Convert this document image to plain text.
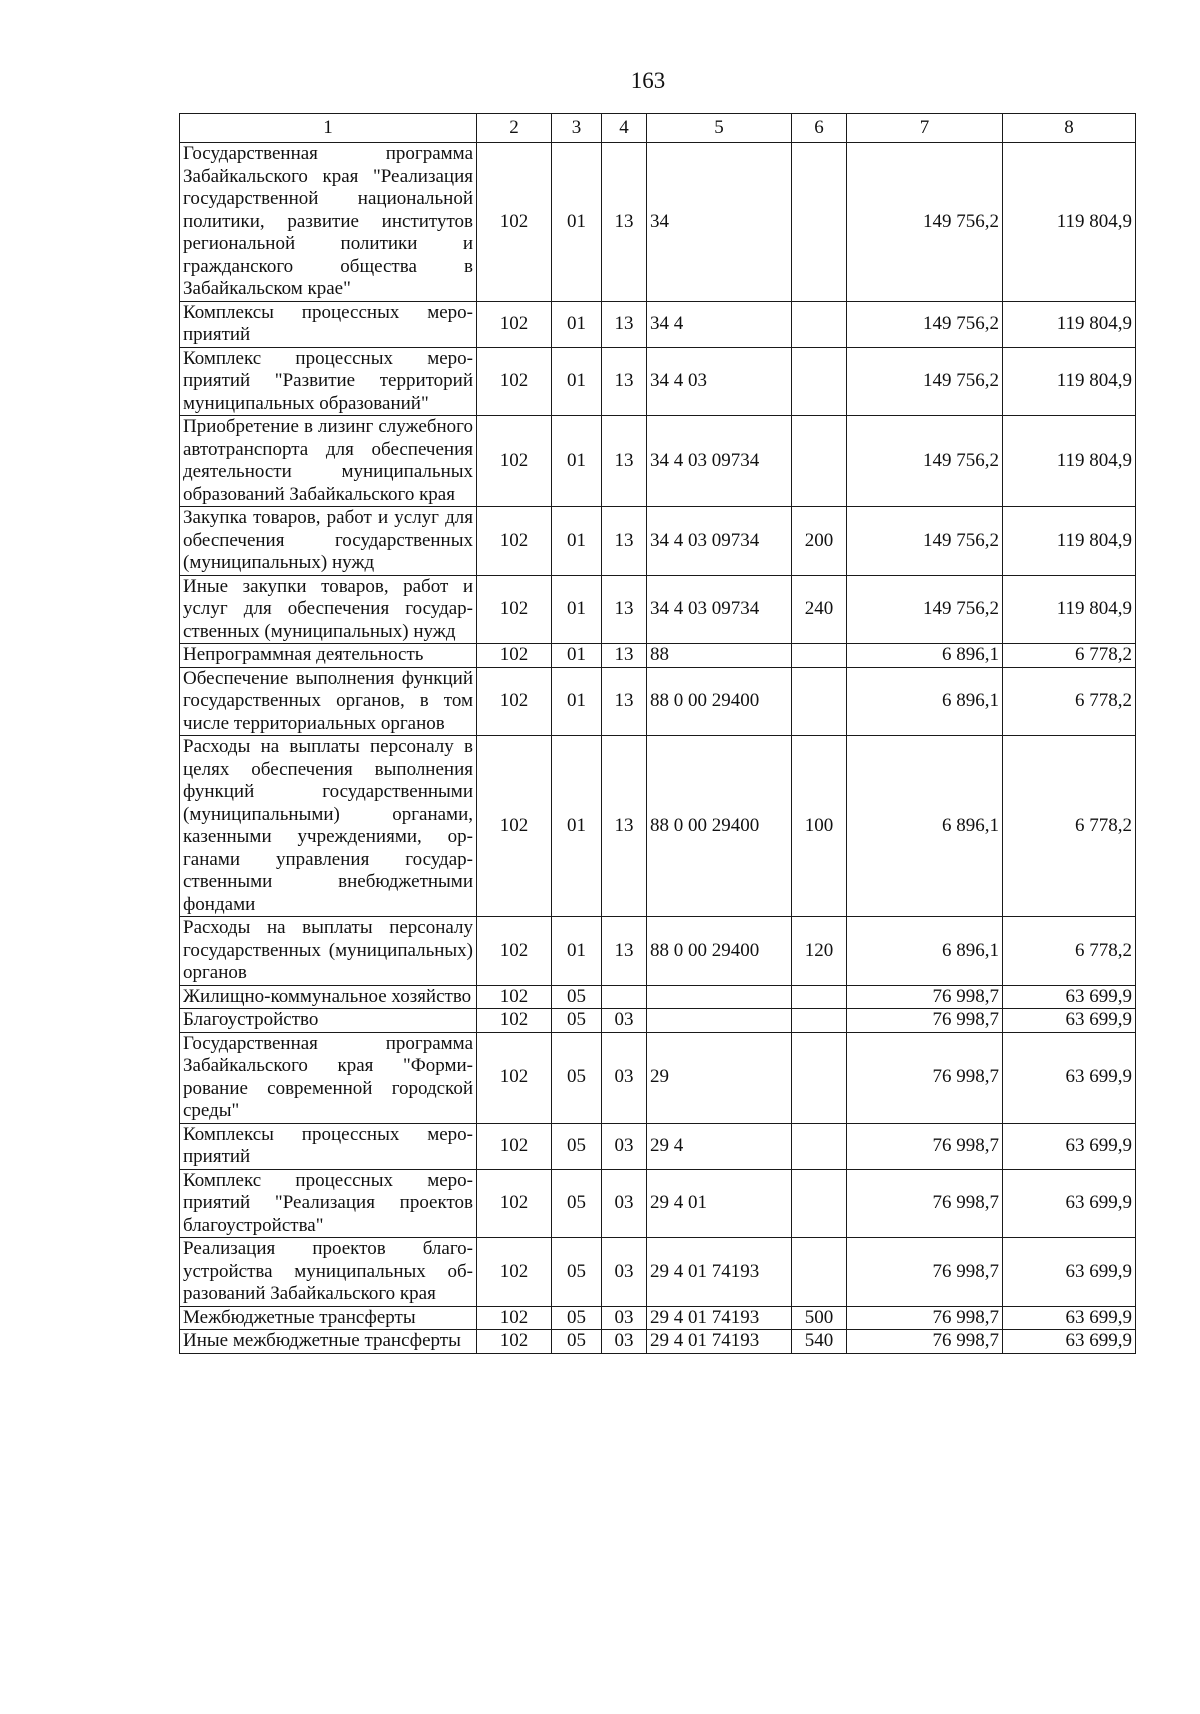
163
1	2	3	4	5	6	7	8
Государственная программа Забайкальского края "Реализация государственной национальной политики, развитие институтов региональной политики и гражданского общества в Забайкальском крае"	102	01	13	34		149 756,2	119 804,9
Комплексы процессных мероприятий	102	01	13	34 4		149 756,2	119 804,9
Комплекс процессных мероприятий "Развитие территорий муниципальных образований"	102	01	13	34 4 03		149 756,2	119 804,9
Приобретение в лизинг служебного автотранспорта для обеспечения деятельности муниципальных образований Забайкальского края	102	01	13	34 4 03 09734		149 756,2	119 804,9
Закупка товаров, работ и услуг для обеспечения государственных (муниципальных) нужд	102	01	13	34 4 03 09734	200	149 756,2	119 804,9
Иные закупки товаров, работ и услуг для обеспечения государственных (муниципальных) нужд	102	01	13	34 4 03 09734	240	149 756,2	119 804,9
Непрограммная деятельность	102	01	13	88		6 896,1	6 778,2
Обеспечение выполнения функций государственных органов, в том числе территориальных органов	102	01	13	88 0 00 29400		6 896,1	6 778,2
Расходы на выплаты персоналу в целях обеспечения выполнения функций государственными (муниципальными) органами, казенными учреждениями, органами управления государственными внебюджетными фондами	102	01	13	88 0 00 29400	100	6 896,1	6 778,2
Расходы на выплаты персоналу государственных (муниципальных) органов	102	01	13	88 0 00 29400	120	6 896,1	6 778,2
Жилищно-коммунальное хозяйство	102	05				76 998,7	63 699,9
Благоустройство	102	05	03			76 998,7	63 699,9
Государственная программа Забайкальского края "Формирование современной городской среды"	102	05	03	29		76 998,7	63 699,9
Комплексы процессных мероприятий	102	05	03	29 4		76 998,7	63 699,9
Комплекс процессных мероприятий "Реализация проектов благоустройства"	102	05	03	29 4 01		76 998,7	63 699,9
Реализация проектов благоустройства муниципальных образований Забайкальского края	102	05	03	29 4 01 74193		76 998,7	63 699,9
Межбюджетные трансферты	102	05	03	29 4 01 74193	500	76 998,7	63 699,9
Иные межбюджетные трансферты	102	05	03	29 4 01 74193	540	76 998,7	63 699,9
